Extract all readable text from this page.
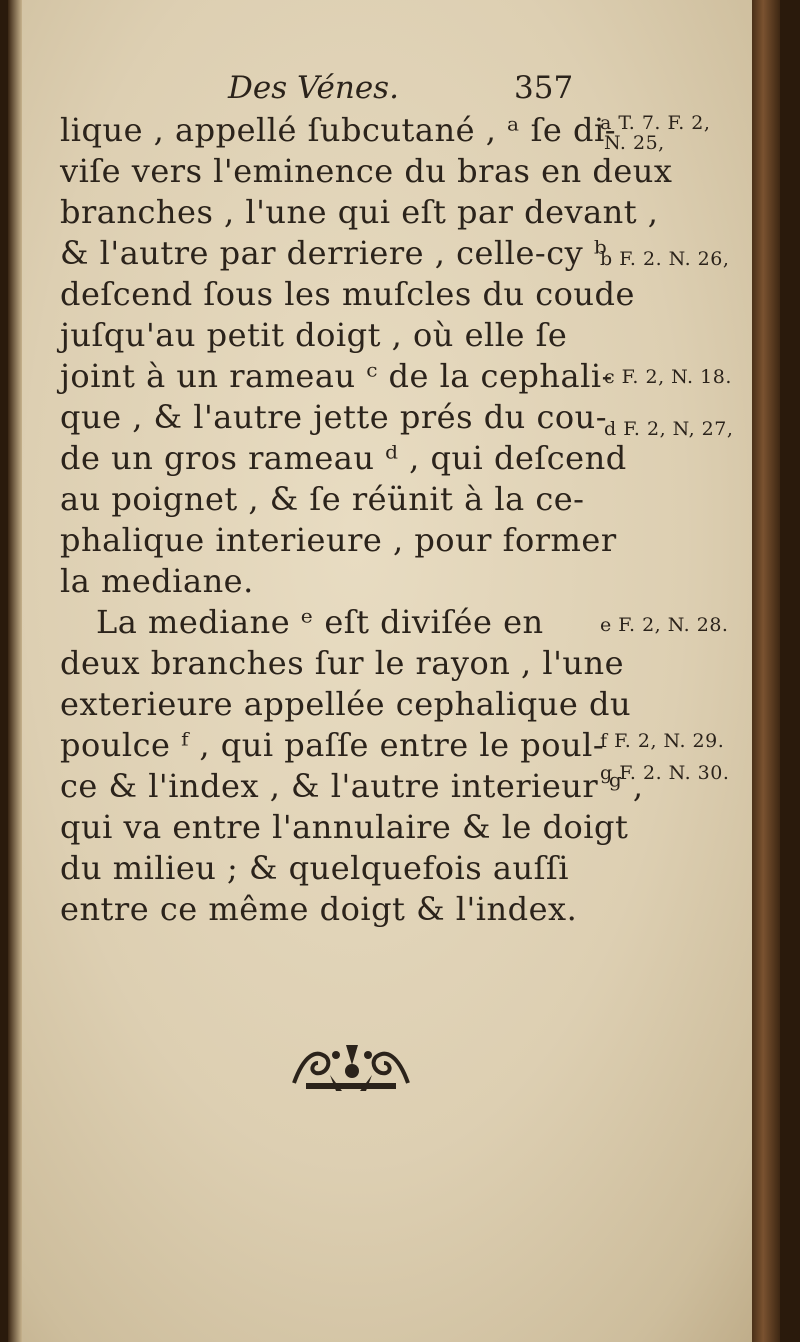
Des Vénes.	357
lique , appellé ſubcutané , ᵃ ſe di-
viſe vers l'eminence du bras en deux
branches , l'une qui eſt par devant ,
& l'autre par derriere , celle-cy ᵇ
deſcend ſous les muſcles du coude
juſqu'au petit doigt , où elle ſe
joint à un rameau ᶜ de la cephali-
que , & l'autre jette prés du cou-
de un gros rameau ᵈ , qui deſcend
au poignet , & ſe réünit à la ce-
phalique interieure , pour former
la mediane.
La mediane ᵉ eſt diviſée en
deux branches ſur le rayon , l'une
exterieure appellée cephalique du
poulce ᶠ , qui paſſe entre le poul-
ce & l'index , & l'autre interieur ᵍ ,
qui va entre l'annulaire & le doigt
du milieu ; & quelquefois auſſi
entre ce même doigt & l'index.
a T. 7. F. 2,
N. 25,
b F. 2. N. 26,
c F. 2, N. 18.
d F. 2, N, 27,
e F. 2, N. 28.
f F. 2, N. 29.
g F. 2. N. 30.
